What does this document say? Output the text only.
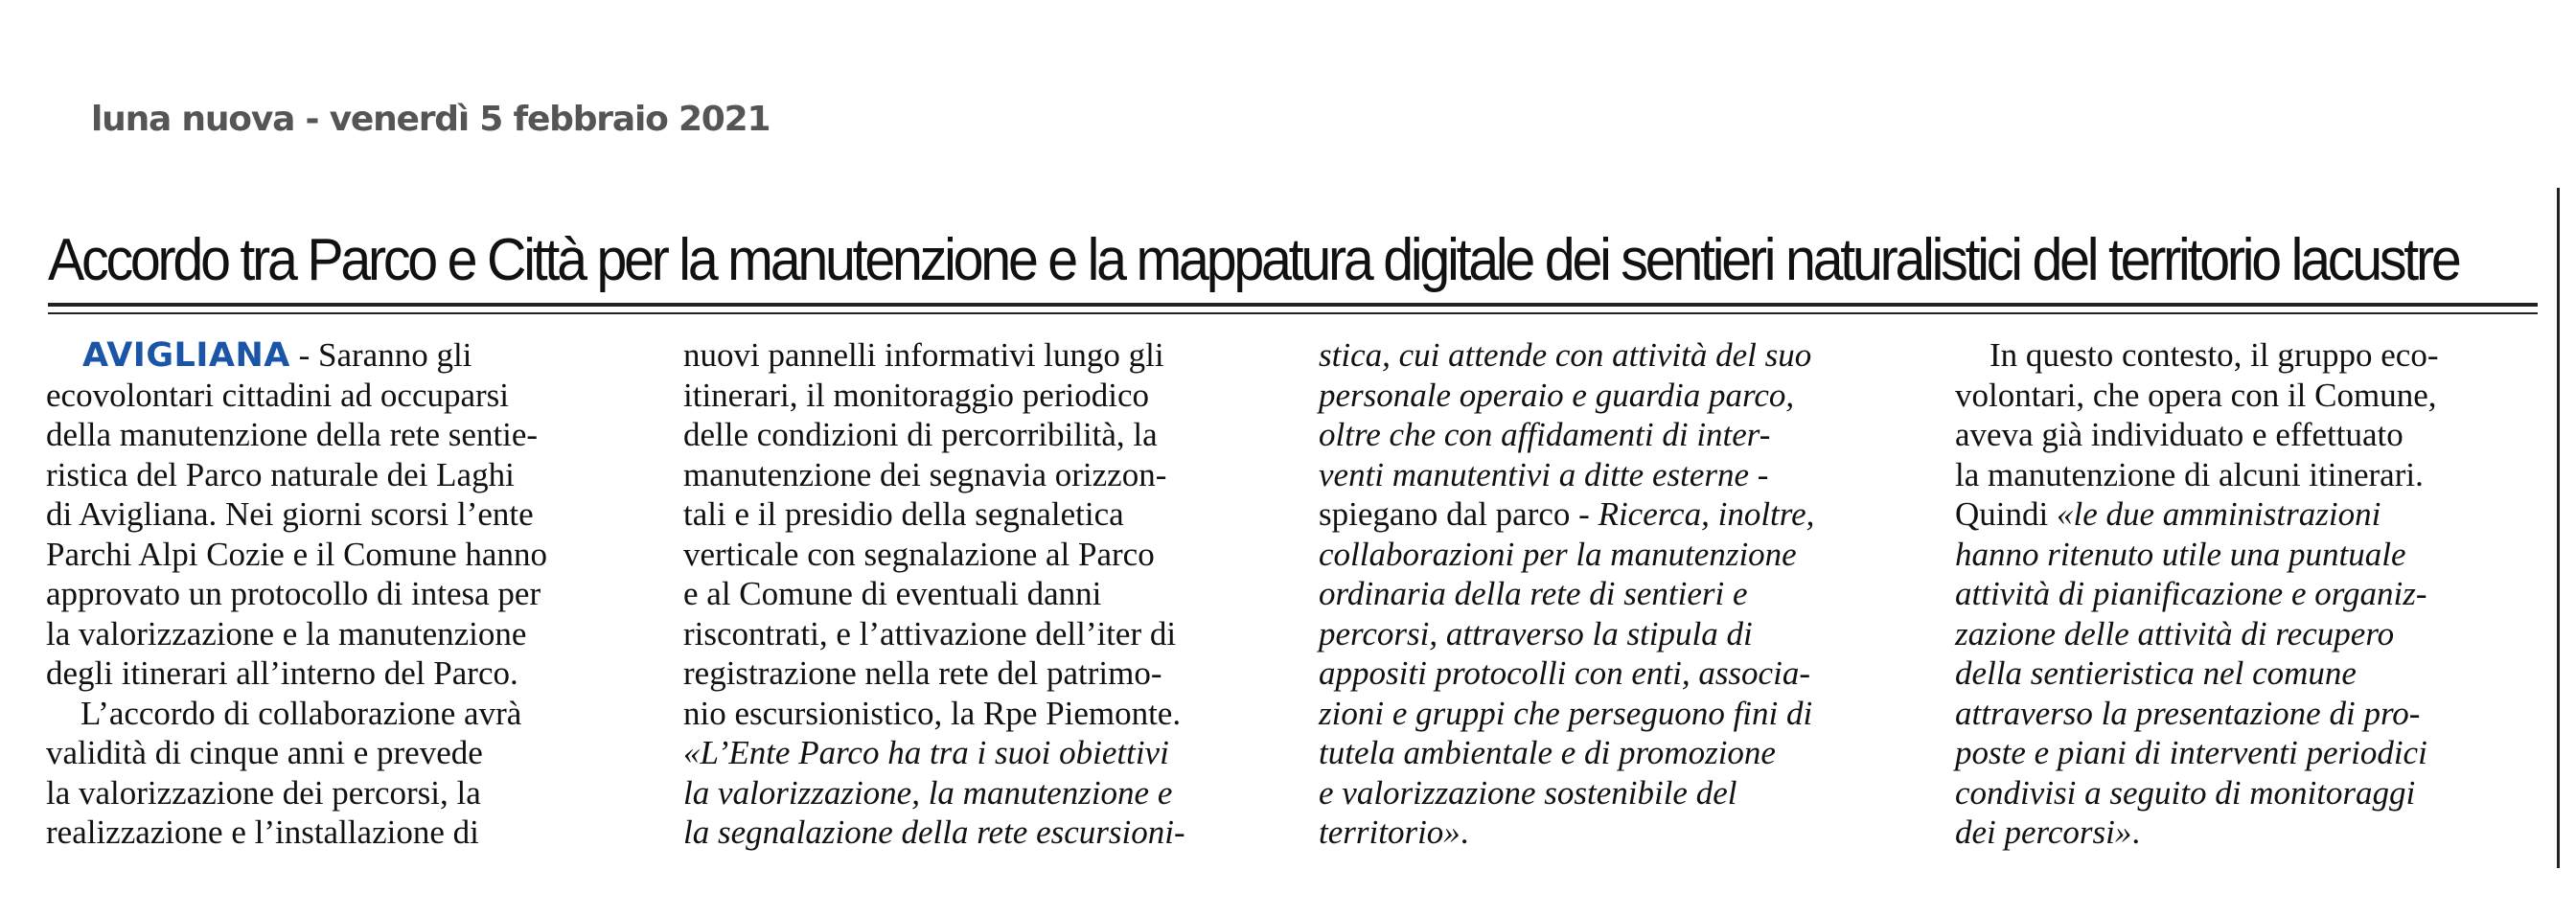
luna nuova - venerdì 5 febbraio 2021
Accordo tra Parco e Città per la manutenzione e la mappatura digitale dei sentieri naturalistici del territorio lacustre
AVIGLIANA - Saranno gli
ecovolontari cittadini ad occuparsi
della manutenzione della rete sentie-
ristica del Parco naturale dei Laghi
di Avigliana. Nei giorni scorsi l’ente
Parchi Alpi Cozie e il Comune hanno
approvato un protocollo di intesa per
la valorizzazione e la manutenzione
degli itinerari all’interno del Parco.
L’accordo di collaborazione avrà
validità di cinque anni e prevede
la valorizzazione dei percorsi, la
realizzazione e l’installazione di
nuovi pannelli informativi lungo gli
itinerari, il monitoraggio periodico
delle condizioni di percorribilità, la
manutenzione dei segnavia orizzon-
tali e il presidio della segnaletica
verticale con segnalazione al Parco
e al Comune di eventuali danni
riscontrati, e l’attivazione dell’iter di
registrazione nella rete del patrimo-
nio escursionistico, la Rpe Piemonte.
«L’Ente Parco ha tra i suoi obiettivi
la valorizzazione, la manutenzione e
la segnalazione della rete escursioni-
stica, cui attende con attività del suo
personale operaio e guardia parco,
oltre che con affidamenti di inter-
venti manutentivi a ditte esterne -
spiegano dal parco - Ricerca, inoltre,
collaborazioni per la manutenzione
ordinaria della rete di sentieri e
percorsi, attraverso la stipula di
appositi protocolli con enti, associa-
zioni e gruppi che perseguono fini di
tutela ambientale e di promozione
e valorizzazione sostenibile del
territorio».
In questo contesto, il gruppo eco-
volontari, che opera con il Comune,
aveva già individuato e effettuato
la manutenzione di alcuni itinerari.
Quindi «le due amministrazioni
hanno ritenuto utile una puntuale
attività di pianificazione e organiz-
zazione delle attività di recupero
della sentieristica nel comune
attraverso la presentazione di pro-
poste e piani di interventi periodici
condivisi a seguito di monitoraggi
dei percorsi».
